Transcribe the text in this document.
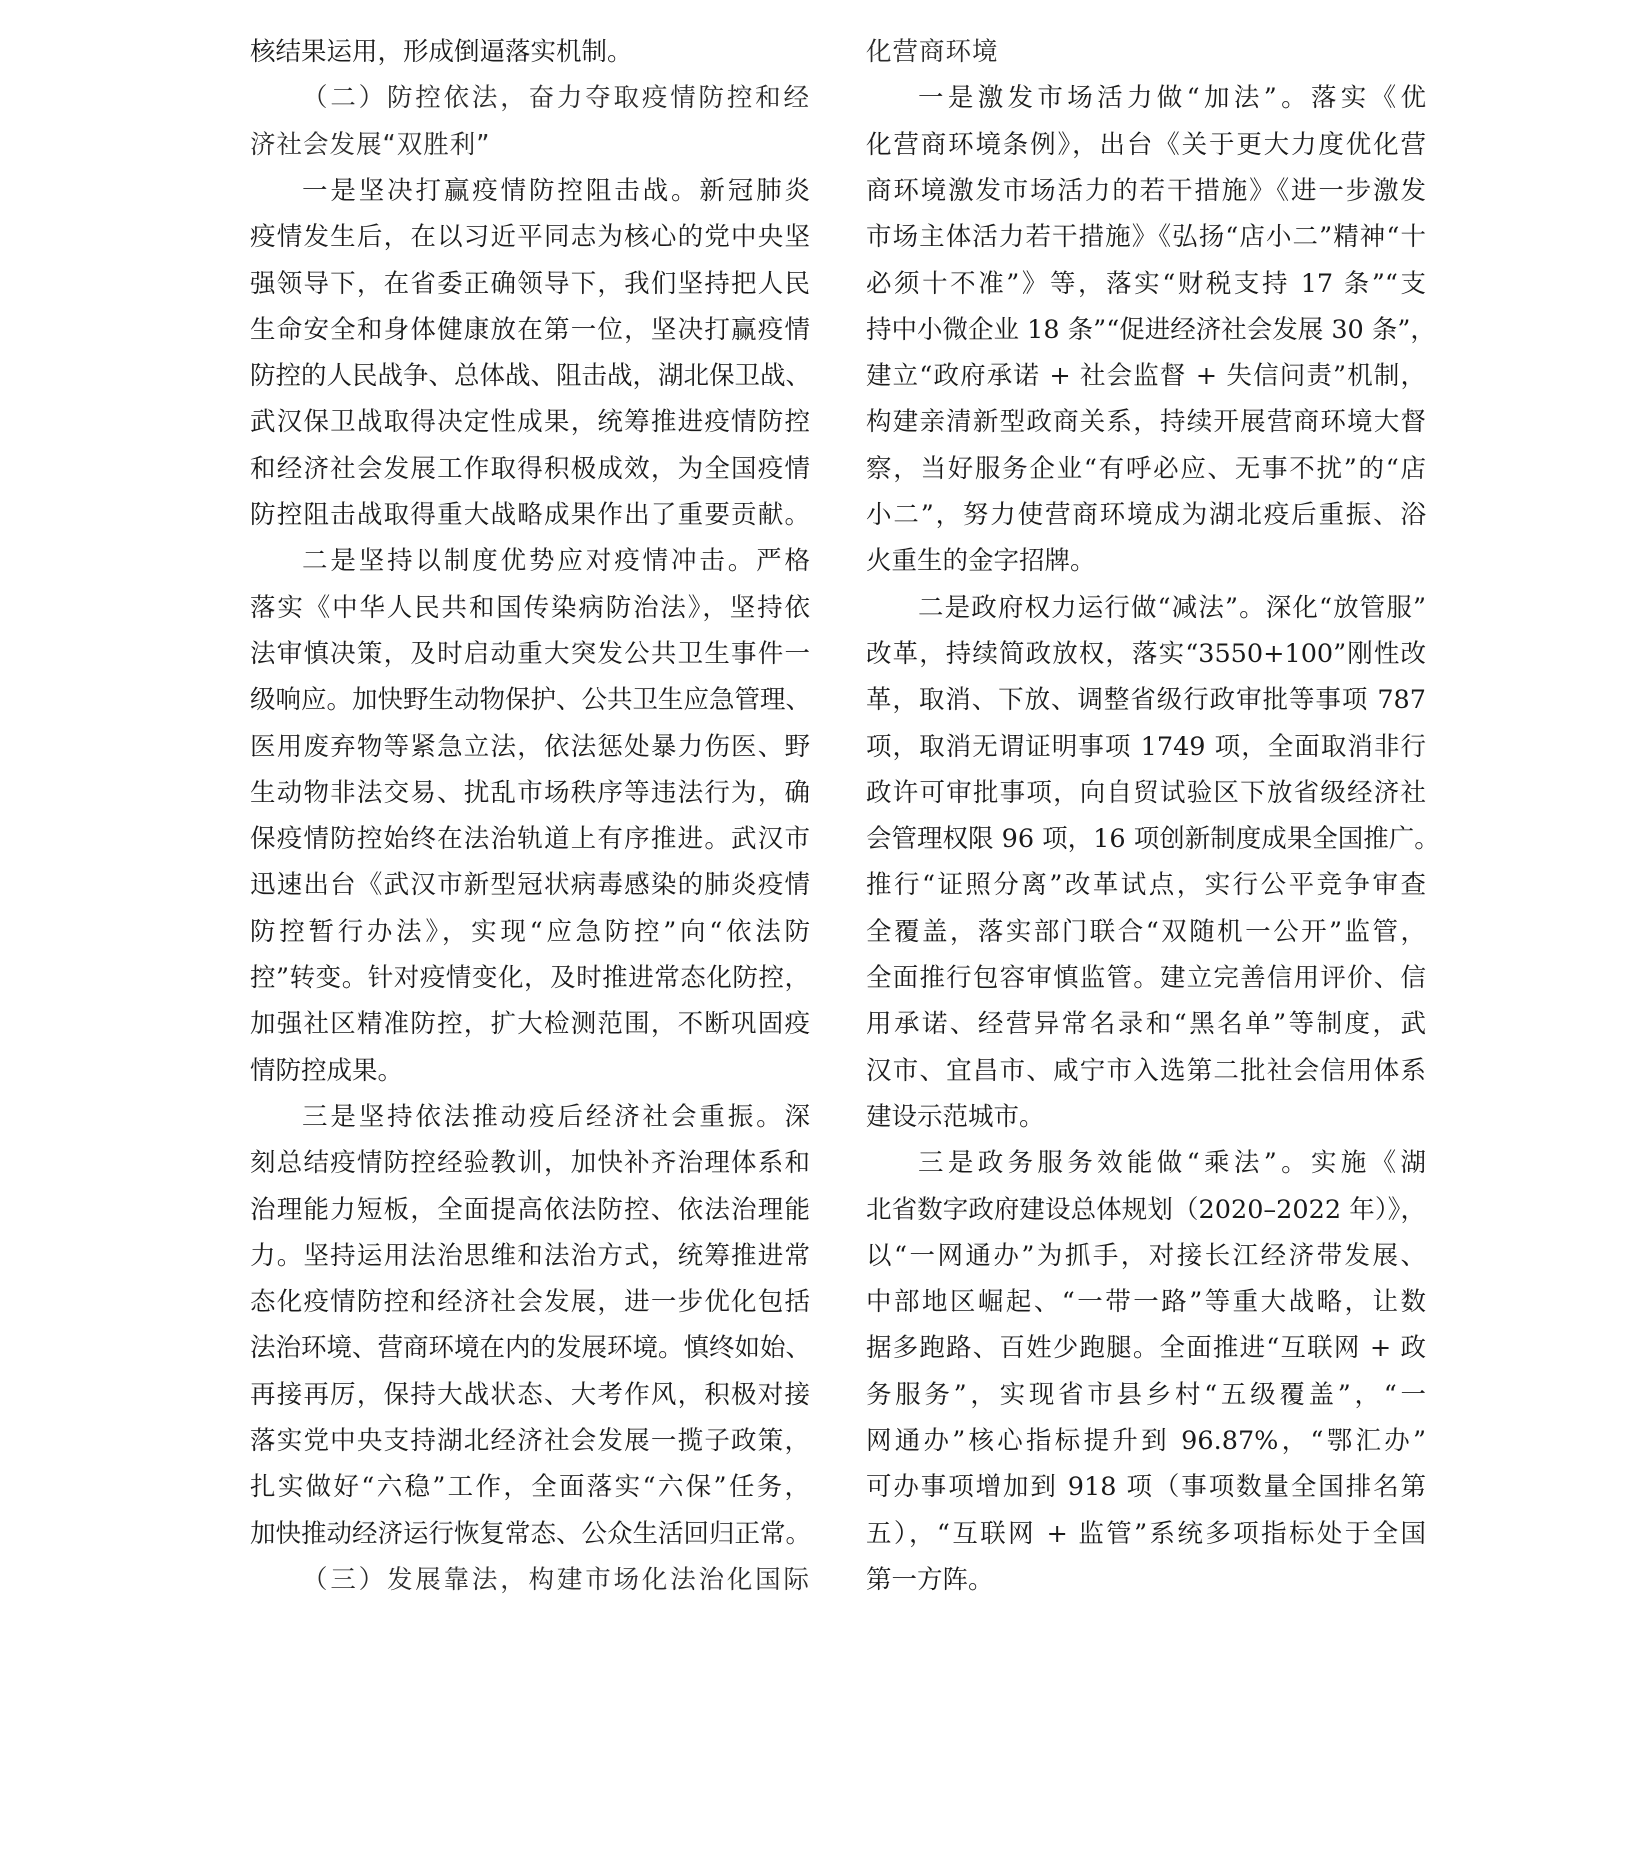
核结果运用，形成倒逼落实机制。
（二）防控依法，奋力夺取疫情防控和经
济社会发展“双胜利”
一是坚决打赢疫情防控阻击战。新冠肺炎
疫情发生后，在以习近平同志为核心的党中央坚
强领导下，在省委正确领导下，我们坚持把人民
生命安全和身体健康放在第一位，坚决打赢疫情
防控的人民战争、总体战、阻击战，湖北保卫战、
武汉保卫战取得决定性成果，统筹推进疫情防控
和经济社会发展工作取得积极成效，为全国疫情
防控阻击战取得重大战略成果作出了重要贡献。
二是坚持以制度优势应对疫情冲击。严格
落实《中华人民共和国传染病防治法》，坚持依
法审慎决策，及时启动重大突发公共卫生事件一
级响应。加快野生动物保护、公共卫生应急管理、
医用废弃物等紧急立法，依法惩处暴力伤医、野
生动物非法交易、扰乱市场秩序等违法行为，确
保疫情防控始终在法治轨道上有序推进。武汉市
迅速出台《武汉市新型冠状病毒感染的肺炎疫情
防控暂行办法》，实现“应急防控”向“依法防
控”转变。针对疫情变化，及时推进常态化防控，
加强社区精准防控，扩大检测范围，不断巩固疫
情防控成果。
三是坚持依法推动疫后经济社会重振。深
刻总结疫情防控经验教训，加快补齐治理体系和
治理能力短板，全面提高依法防控、依法治理能
力。坚持运用法治思维和法治方式，统筹推进常
态化疫情防控和经济社会发展，进一步优化包括
法治环境、营商环境在内的发展环境。慎终如始、
再接再厉，保持大战状态、大考作风，积极对接
落实党中央支持湖北经济社会发展一揽子政策，
扎实做好“六稳”工作，全面落实“六保”任务，
加快推动经济运行恢复常态、公众生活回归正常。
（三）发展靠法，构建市场化法治化国际
化营商环境
一是激发市场活力做“加法”。落实《优
化营商环境条例》，出台《关于更大力度优化营
商环境激发市场活力的若干措施》《进一步激发
市场主体活力若干措施》《弘扬“店小二”精神“十
必须十不准”》等，落实“财税支持 17 条”“支
持中小微企业 18 条”“促进经济社会发展 30 条”，
建立“政府承诺 + 社会监督 + 失信问责”机制，
构建亲清新型政商关系，持续开展营商环境大督
察，当好服务企业“有呼必应、无事不扰”的“店
小二”，努力使营商环境成为湖北疫后重振、浴
火重生的金字招牌。
二是政府权力运行做“减法”。深化“放管服”
改革，持续简政放权，落实“3550+100”刚性改
革，取消、下放、调整省级行政审批等事项 787
项，取消无谓证明事项 1749 项，全面取消非行
政许可审批事项，向自贸试验区下放省级经济社
会管理权限 96 项，16 项创新制度成果全国推广。
推行“证照分离”改革试点，实行公平竞争审查
全覆盖，落实部门联合“双随机一公开”监管，
全面推行包容审慎监管。建立完善信用评价、信
用承诺、经营异常名录和“黑名单”等制度，武
汉市、宜昌市、咸宁市入选第二批社会信用体系
建设示范城市。
三是政务服务效能做“乘法”。实施《湖
北省数字政府建设总体规划（2020–2022 年）》，
以“一网通办”为抓手，对接长江经济带发展、
中部地区崛起、“一带一路”等重大战略，让数
据多跑路、百姓少跑腿。全面推进“互联网 + 政
务服务”，实现省市县乡村“五级覆盖”，“一
网通办”核心指标提升到 96.87%，“鄂汇办”
可办事项增加到 918 项（事项数量全国排名第
五），“互联网 + 监管”系统多项指标处于全国
第一方阵。
